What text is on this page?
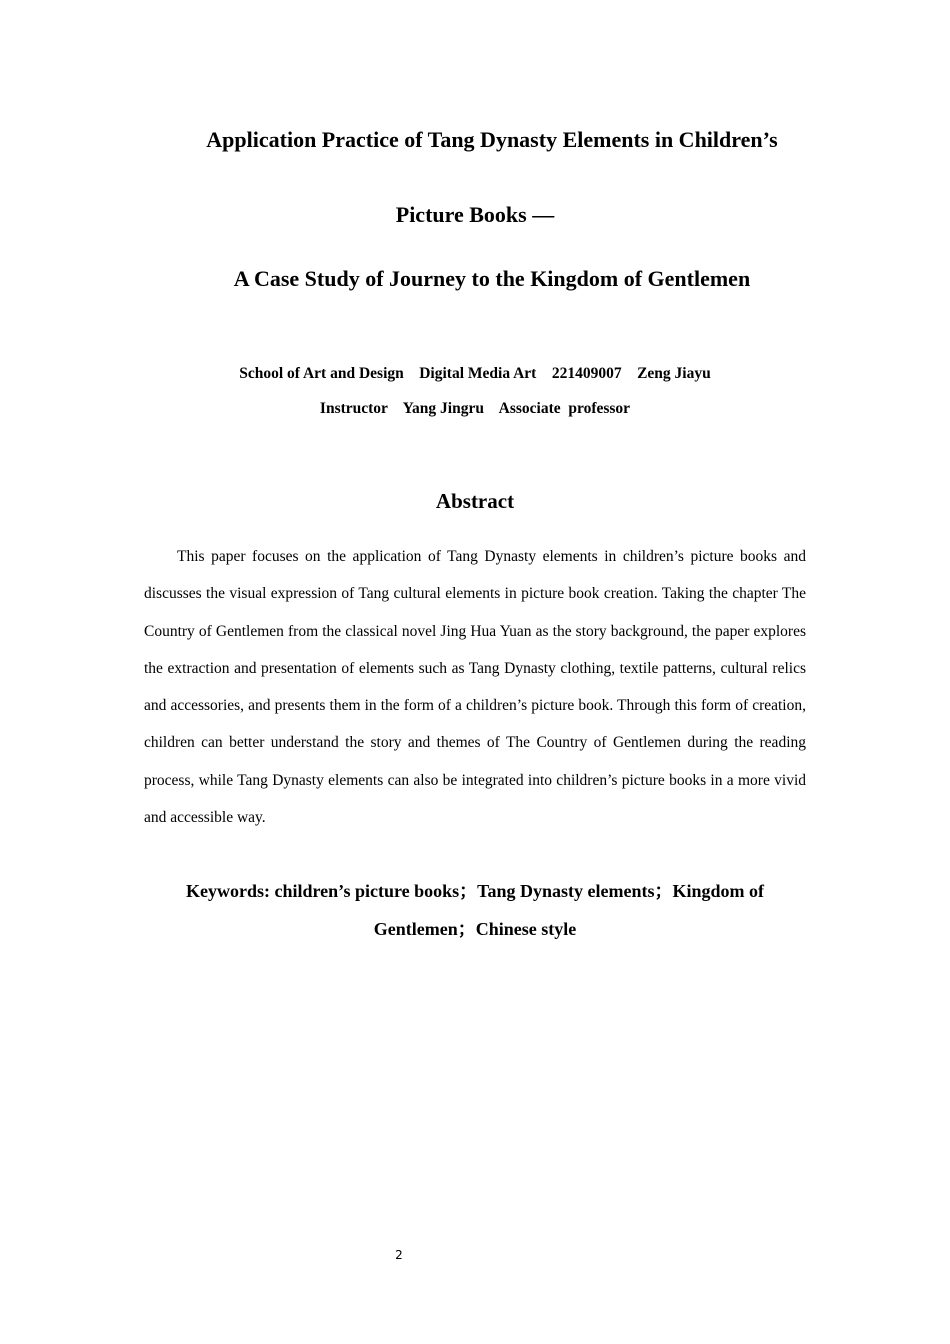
Application Practice of Tang Dynasty Elements in Children’s
Picture Books —
A Case Study of Journey to the Kingdom of Gentlemen
School of Art and Design    Digital Media Art    221409007    Zeng Jiayu
Instructor    Yang Jingru    Associate  professor
Abstract

This paper focuses on the application of Tang Dynasty elements in children’s picture books and discusses the visual expression of Tang cultural elements in picture book creation. Taking the chapter The Country of Gentlemen from the classical novel Jing Hua Yuan as the story background, the paper explores the extraction and presentation of elements such as Tang Dynasty clothing, textile patterns, cultural relics and accessories, and presents them in the form of a children’s picture book. Through this form of creation, children can better understand the story and themes of The Country of Gentlemen during the reading process, while Tang Dynasty elements can also be integrated into children’s picture books in a more vivid and accessible way.

Keywords: children’s picture books；Tang Dynasty elements；Kingdom of
Gentlemen；Chinese style
2
